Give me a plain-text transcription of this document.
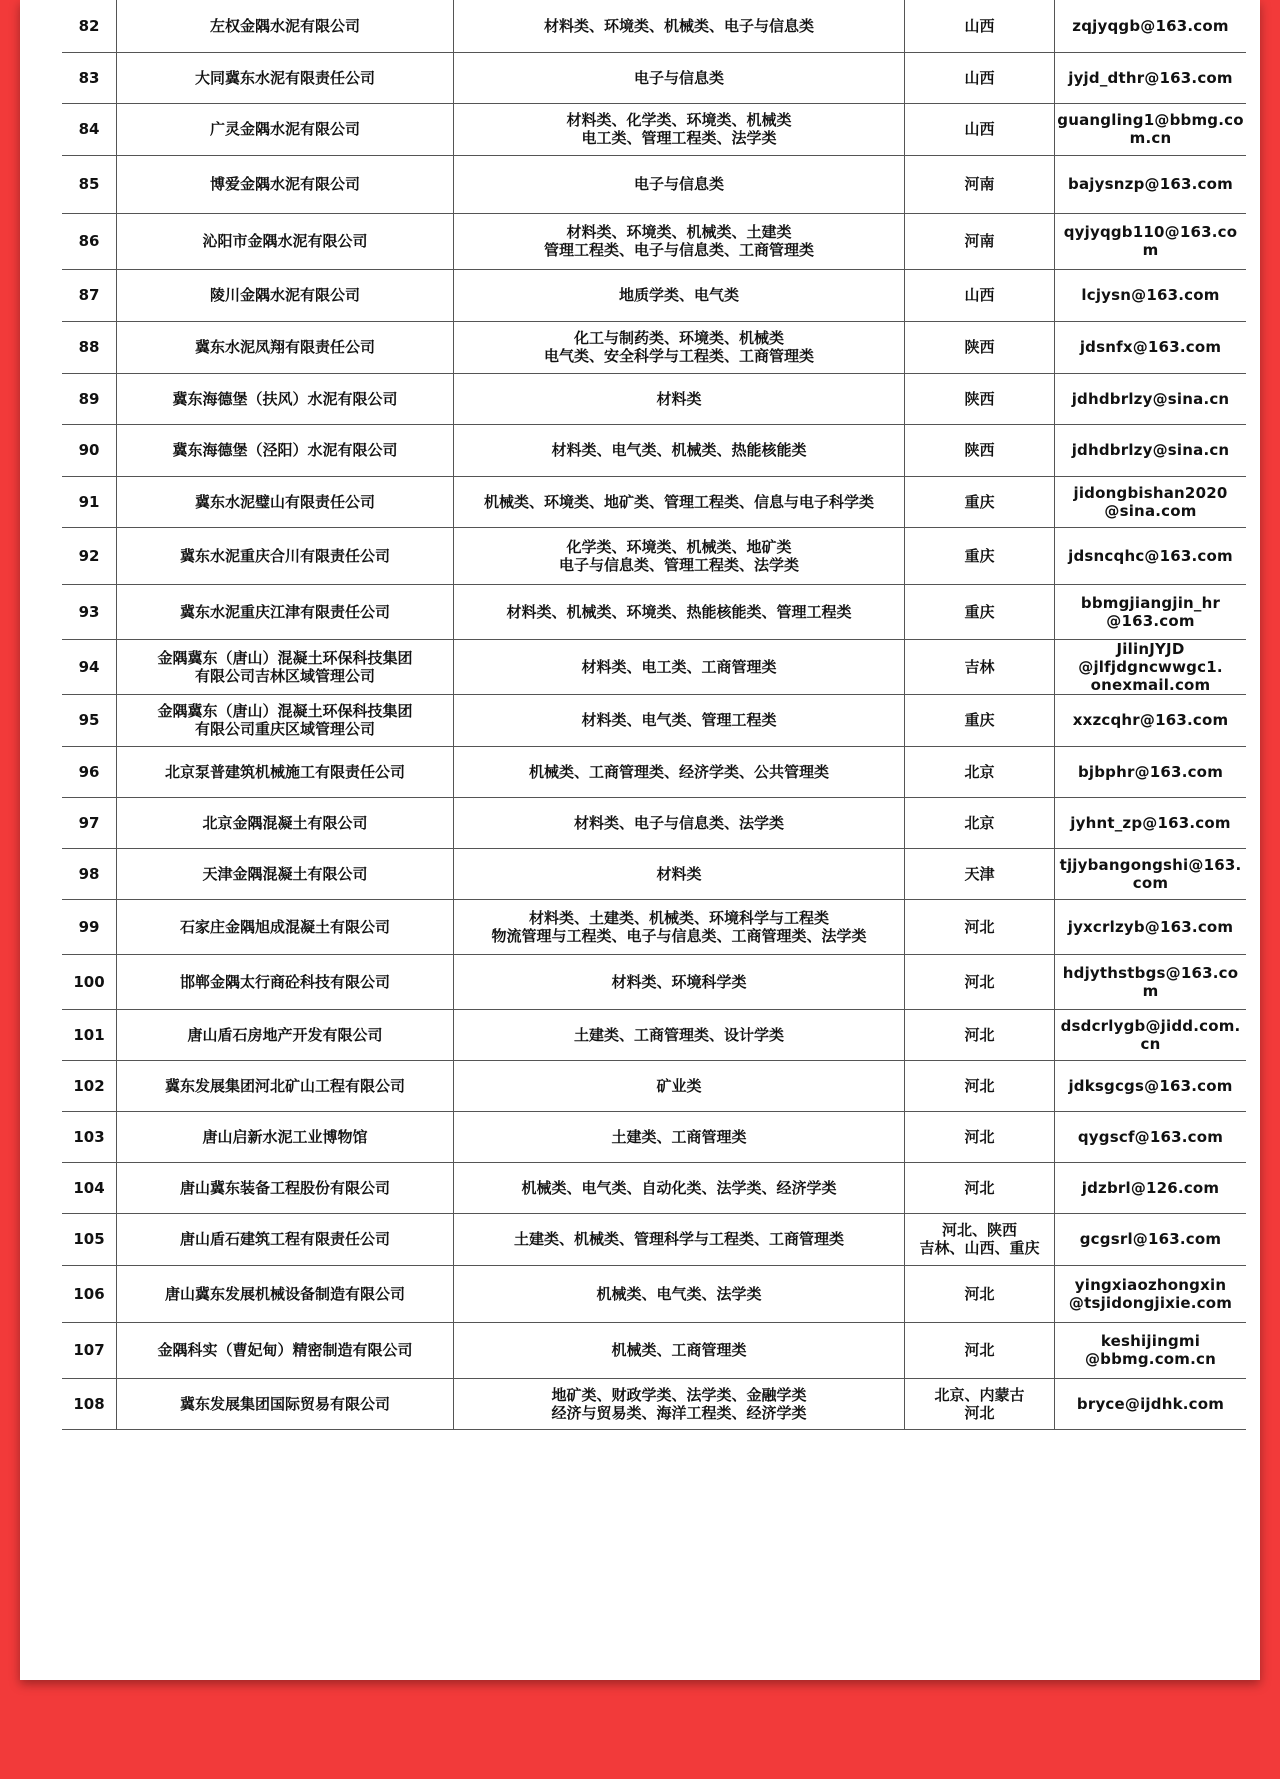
82	左权金隅水泥有限公司	材料类、环境类、机械类、电子与信息类	山西	zqjyqgb@163.com

83	大同冀东水泥有限责任公司	电子与信息类	山西	jyjd_dthr@163.com

84	广灵金隅水泥有限公司	材料类、化学类、环境类、机械类
电工类、管理工程类、法学类	山西	guangling1@bbmg.com.cn

85	博爱金隅水泥有限公司	电子与信息类	河南	bajysnzp@163.com

86	沁阳市金隅水泥有限公司	材料类、环境类、机械类、土建类
管理工程类、电子与信息类、工商管理类	河南	qyjyqgb110@163.com

87	陵川金隅水泥有限公司	地质学类、电气类	山西	lcjysn@163.com

88	冀东水泥凤翔有限责任公司	化工与制药类、环境类、机械类
电气类、安全科学与工程类、工商管理类	陕西	jdsnfx@163.com

89	冀东海德堡（扶风）水泥有限公司	材料类	陕西	jdhdbrlzy@sina.cn

90	冀东海德堡（泾阳）水泥有限公司	材料类、电气类、机械类、热能核能类	陕西	jdhdbrlzy@sina.cn

91	冀东水泥璧山有限责任公司	机械类、环境类、地矿类、管理工程类、信息与电子科学类	重庆	jidongbishan2020
@sina.com

92	冀东水泥重庆合川有限责任公司	化学类、环境类、机械类、地矿类
电子与信息类、管理工程类、法学类	重庆	jdsncqhc@163.com

93	冀东水泥重庆江津有限责任公司	材料类、机械类、环境类、热能核能类、管理工程类	重庆	bbmgjiangjin_hr
@163.com

94	金隅冀东（唐山）混凝土环保科技集团
有限公司吉林区域管理公司	材料类、电工类、工商管理类	吉林	JilinJYJD
@jlfjdgncwwgc1.
onexmail.com

95	金隅冀东（唐山）混凝土环保科技集团
有限公司重庆区域管理公司	材料类、电气类、管理工程类	重庆	xxzcqhr@163.com

96	北京泵普建筑机械施工有限责任公司	机械类、工商管理类、经济学类、公共管理类	北京	bjbphr@163.com

97	北京金隅混凝土有限公司	材料类、电子与信息类、法学类	北京	jyhnt_zp@163.com

98	天津金隅混凝土有限公司	材料类	天津	tjjybangongshi@163.com

99	石家庄金隅旭成混凝土有限公司	材料类、土建类、机械类、环境科学与工程类
物流管理与工程类、电子与信息类、工商管理类、法学类	河北	jyxcrlzyb@163.com

100	邯郸金隅太行商砼科技有限公司	材料类、环境科学类	河北	hdjythstbgs@163.com

101	唐山盾石房地产开发有限公司	土建类、工商管理类、设计学类	河北	dsdcrlygb@jidd.com.cn

102	冀东发展集团河北矿山工程有限公司	矿业类	河北	jdksgcgs@163.com

103	唐山启新水泥工业博物馆	土建类、工商管理类	河北	qygscf@163.com

104	唐山冀东装备工程股份有限公司	机械类、电气类、自动化类、法学类、经济学类	河北	jdzbrl@126.com

105	唐山盾石建筑工程有限责任公司	土建类、机械类、管理科学与工程类、工商管理类	河北、陕西
吉林、山西、重庆	gcgsrl@163.com

106	唐山冀东发展机械设备制造有限公司	机械类、电气类、法学类	河北	yingxiaozhongxin
@tsjidongjixie.com

107	金隅科实（曹妃甸）精密制造有限公司	机械类、工商管理类	河北	keshijingmi
@bbmg.com.cn

108	冀东发展集团国际贸易有限公司	地矿类、财政学类、法学类、金融学类
经济与贸易类、海洋工程类、经济学类	北京、内蒙古
河北	bryce@ijdhk.com
